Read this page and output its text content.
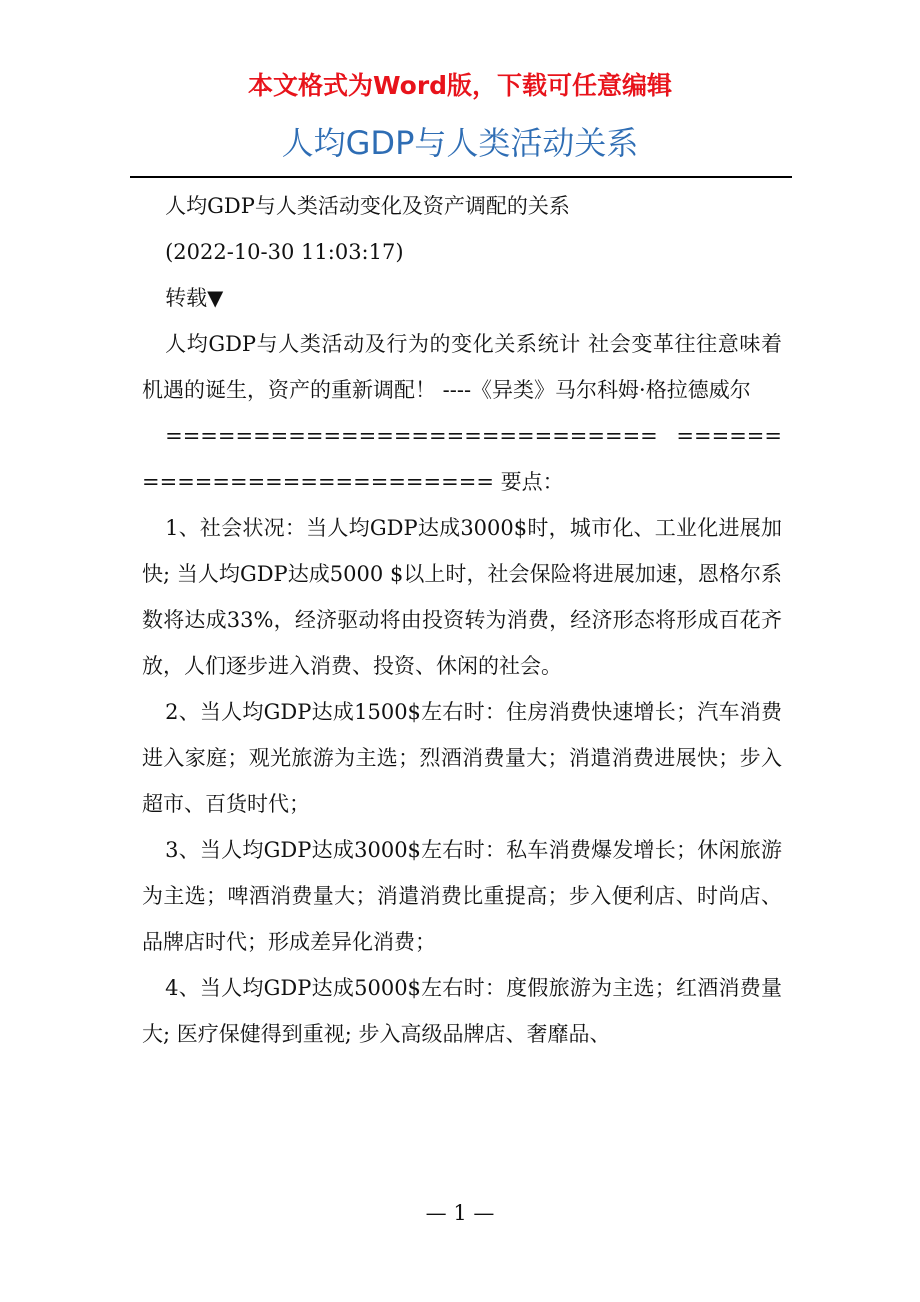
本文格式为Word版，下载可任意编辑
人均GDP与人类活动关系

人均GDP与人类活动变化及资产调配的关系

(2022-10-30 11:03:17)

转载▼

人均GDP与人类活动及行为的变化关系统计 社会变革往往意味着机遇的诞生，资产的重新调配！ ----《异类》马尔科姆·格拉德威尔

============================ ========================== 要点：

1、社会状况：当人均GDP达成3000$时，城市化、工业化进展加快; 当人均GDP达成5000 $以上时，社会保险将进展加速，恩格尔系数将达成33%，经济驱动将由投资转为消费，经济形态将形成百花齐放，人们逐步进入消费、投资、休闲的社会。

2、当人均GDP达成1500$左右时：住房消费快速增长；汽车消费进入家庭；观光旅游为主选；烈酒消费量大；消遣消费进展快；步入超市、百货时代；

3、当人均GDP达成3000$左右时：私车消费爆发增长；休闲旅游为主选；啤酒消费量大；消遣消费比重提高；步入便利店、时尚店、品牌店时代；形成差异化消费；

4、当人均GDP达成5000$左右时：度假旅游为主选；红酒消费量大; 医疗保健得到重视; 步入高级品牌店、奢靡品、

— 1 —
